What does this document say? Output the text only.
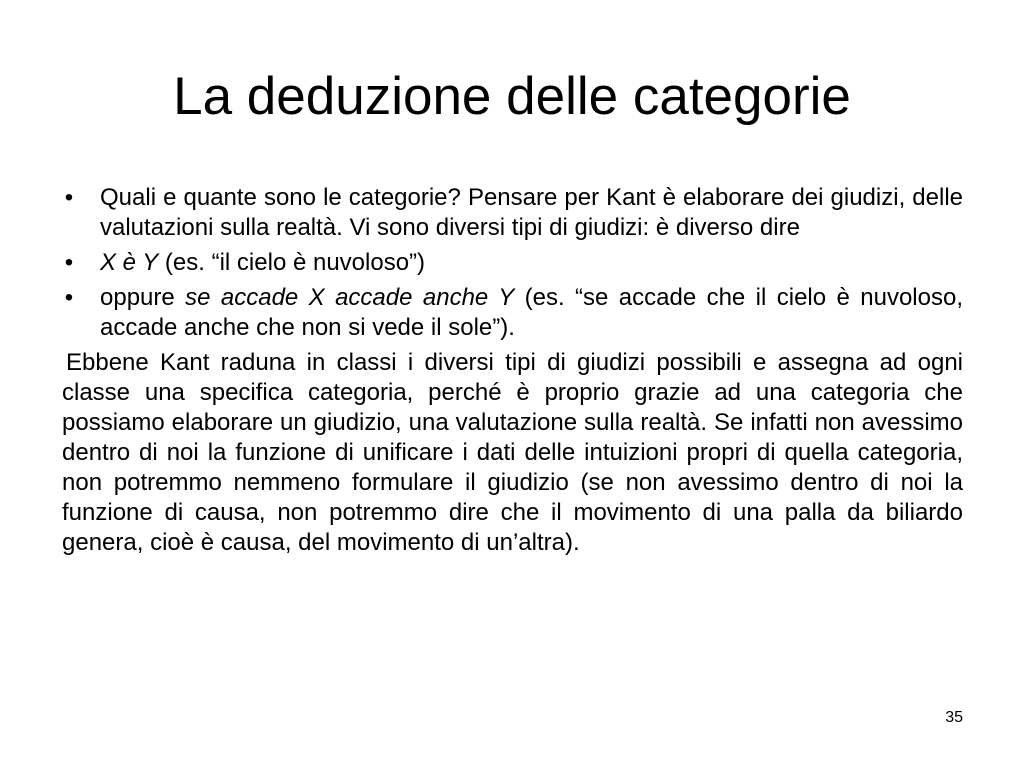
La deduzione delle categorie
• Quali e quante sono le categorie? Pensare per Kant è elaborare dei giudizi, delle valutazioni sulla realtà. Vi sono diversi tipi di giudizi: è diverso dire
• X è Y (es. “il cielo è nuvoloso”)
• oppure se accade X accade anche Y (es. “se accade che il cielo è nuvoloso, accade anche che non si vede il sole”).

Ebbene Kant raduna in classi i diversi tipi di giudizi possibili e assegna ad ogni classe una specifica categoria, perché è proprio grazie ad una categoria che possiamo elaborare un giudizio, una valutazione sulla realtà. Se infatti non avessimo dentro di noi la funzione di unificare i dati delle intuizioni propri di quella categoria, non potremmo nemmeno formulare il giudizio (se non avessimo dentro di noi la funzione di causa, non potremmo dire che il movimento di una palla da biliardo genera, cioè è causa, del movimento di un’altra).

35
